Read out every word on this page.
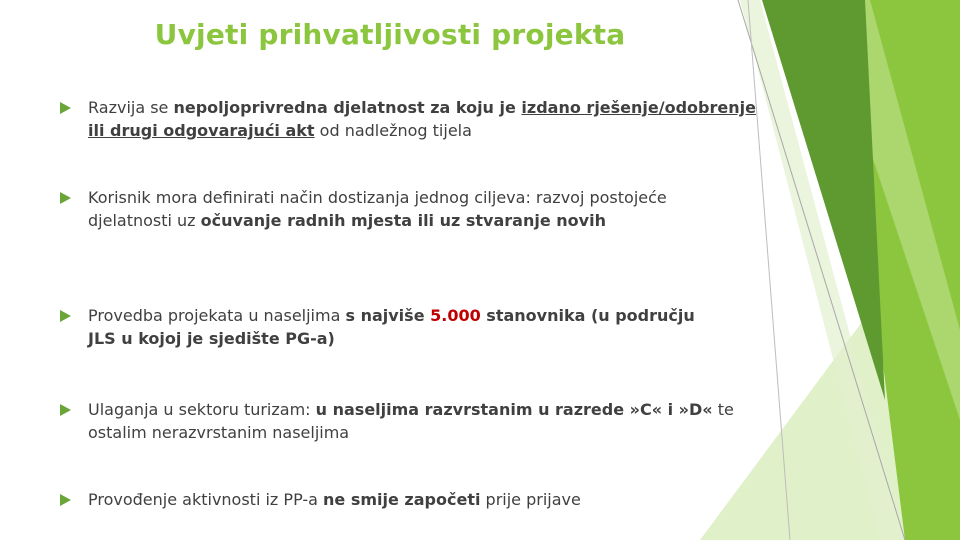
Uvjeti prihvatljivosti projekta
Razvija se nepoljoprivredna djelatnost za koju je izdano rješenje/odobrenje ili drugi odgovarajući akt od nadležnog tijela
Korisnik mora definirati način dostizanja jednog ciljeva: razvoj postojeće djelatnosti uz očuvanje radnih mjesta ili uz stvaranje novih
Provedba projekata u naseljima s najviše 5.000 stanovnika (u području JLS u kojoj je sjedište PG-a)
Ulaganja u sektoru turizam: u naseljima razvrstanim u razrede »C« i »D« te ostalim nerazvrstanim naseljima
Provođenje aktivnosti iz PP-a ne smije započeti prije prijave
